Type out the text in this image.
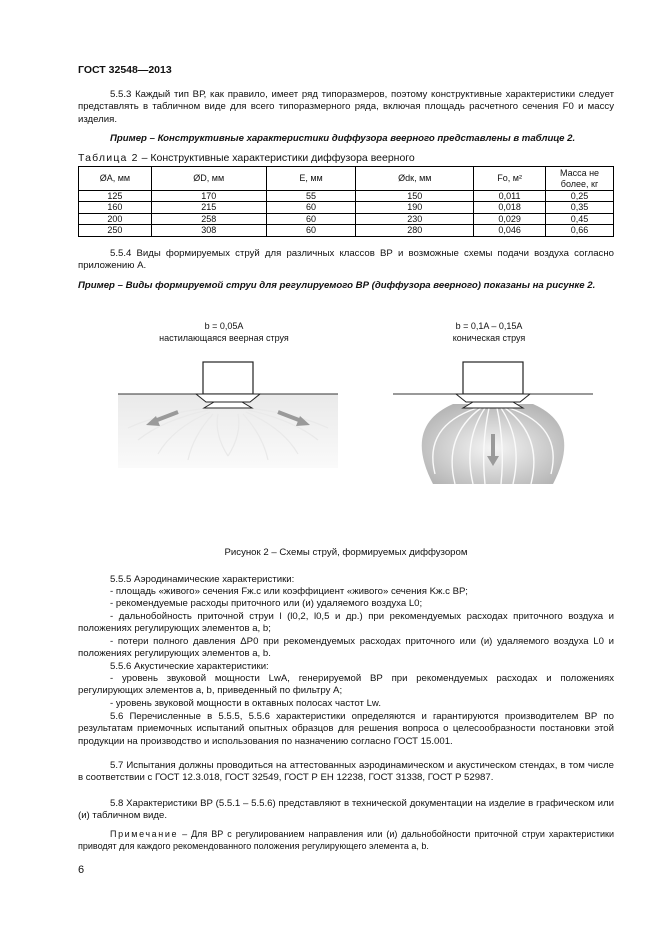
ГОСТ 32548—2013
5.5.3 Каждый тип ВР, как правило, имеет ряд типоразмеров, поэтому конструктивные характеристики следует представлять в табличном виде для всего типоразмерного ряда, включая площадь расчетного сечения F0 и массу изделия.
Пример – Конструктивные характеристики диффузора веерного представлены в таблице 2.
Таблица 2 – Конструктивные характеристики диффузора веерного
ØA, мм	ØD, мм	E, мм	Ødк, мм	Fо, м²	Масса не более, кг
125	170	55	150	0,011	0,25
160	215	60	190	0,018	0,35
200	258	60	230	0,029	0,45
250	308	60	280	0,046	0,66
5.5.4 Виды формируемых струй для различных классов ВР и возможные схемы подачи воздуха согласно приложению А.
Пример – Виды формируемой струи для регулируемого ВР (диффузора веерного) показаны на рисунке 2.
b = 0,05A
настилающаяся веерная струя
b = 0,1A – 0,15A
коническая струя
Рисунок 2 – Схемы струй, формируемых диффузором
5.5.5 Аэродинамические характеристики:
- площадь «живого» сечения Fж.с или коэффициент «живого» сечения Kж.с ВР;
- рекомендуемые расходы приточного или (и) удаляемого воздуха L0;
- дальнобойность приточной струи l (l0,2, l0,5 и др.) при рекомендуемых расходах приточного воздуха и положениях регулирующих элементов a, b;
- потери полного давления ΔР0 при рекомендуемых расходах приточного или (и) удаляемого воздуха L0 и положениях регулирующих элементов a, b.
5.5.6 Акустические характеристики:
- уровень звуковой мощности LwA, генерируемой ВР при рекомендуемых расходах и положениях регулирующих элементов a, b, приведенный по фильтру А;
- уровень звуковой мощности в октавных полосах частот Lw.
5.6 Перечисленные в 5.5.5, 5.5.6 характеристики определяются и гарантируются производителем ВР по результатам приемочных испытаний опытных образцов для решения вопроса о целесообразности постановки этой продукции на производство и использования по назначению согласно ГОСТ 15.001.
5.7 Испытания должны проводиться на аттестованных аэродинамическом и акустическом стендах, в том числе в соответствии с ГОСТ 12.3.018, ГОСТ 32549, ГОСТ Р ЕН 12238, ГОСТ 31338, ГОСТ Р 52987.
5.8 Характеристики ВР (5.5.1 – 5.5.6) представляют в технической документации на изделие в графическом или (и) табличном виде.
Примечание – Для ВР с регулированием направления или (и) дальнобойности приточной струи характеристики приводят для каждого рекомендованного положения регулирующего элемента a, b.
6
